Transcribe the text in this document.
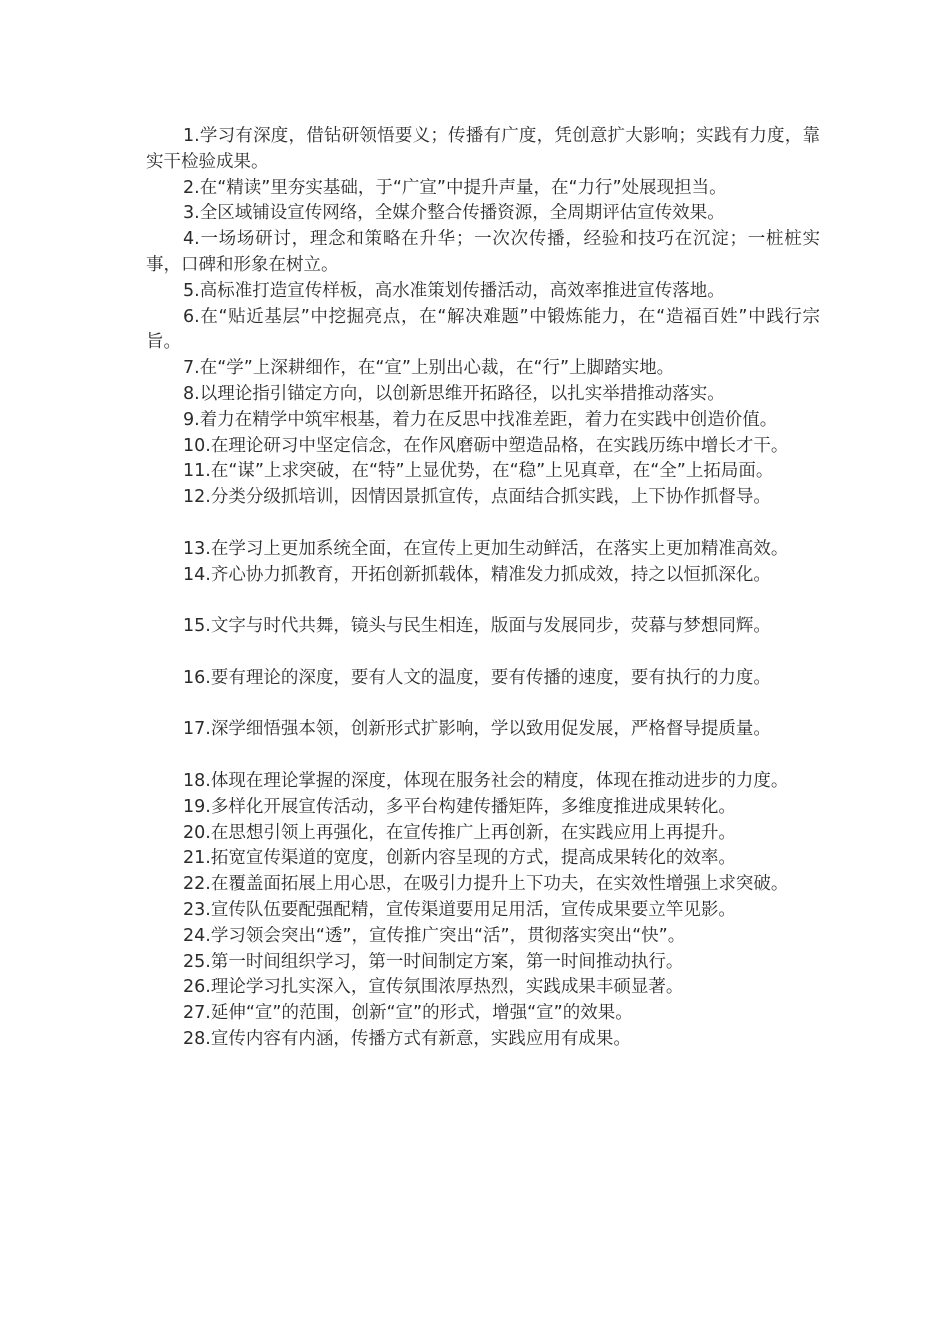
1.学习有深度，借钻研领悟要义；传播有广度，凭创意扩大影响；实践有力度，靠实干检验成果。

2.在“精读”里夯实基础，于“广宣”中提升声量，在“力行”处展现担当。

3.全区域铺设宣传网络，全媒介整合传播资源，全周期评估宣传效果。

4.一场场研讨，理念和策略在升华；一次次传播，经验和技巧在沉淀；一桩桩实事，口碑和形象在树立。

5.高标准打造宣传样板，高水准策划传播活动，高效率推进宣传落地。

6.在“贴近基层”中挖掘亮点，在“解决难题”中锻炼能力，在“造福百姓”中践行宗旨。

7.在“学”上深耕细作，在“宣”上别出心裁，在“行”上脚踏实地。

8.以理论指引锚定方向，以创新思维开拓路径，以扎实举措推动落实。

9.着力在精学中筑牢根基，着力在反思中找准差距，着力在实践中创造价值。

10.在理论研习中坚定信念，在作风磨砺中塑造品格，在实践历练中增长才干。

11.在“谋”上求突破，在“特”上显优势，在“稳”上见真章，在“全”上拓局面。

12.分类分级抓培训，因情因景抓宣传，点面结合抓实践，上下协作抓督导。

13.在学习上更加系统全面，在宣传上更加生动鲜活，在落实上更加精准高效。

14.齐心协力抓教育，开拓创新抓载体，精准发力抓成效，持之以恒抓深化。

15.文字与时代共舞，镜头与民生相连，版面与发展同步，荧幕与梦想同辉。

16.要有理论的深度，要有人文的温度，要有传播的速度，要有执行的力度。

17.深学细悟强本领，创新形式扩影响，学以致用促发展，严格督导提质量。

18.体现在理论掌握的深度，体现在服务社会的精度，体现在推动进步的力度。

19.多样化开展宣传活动，多平台构建传播矩阵，多维度推进成果转化。

20.在思想引领上再强化，在宣传推广上再创新，在实践应用上再提升。

21.拓宽宣传渠道的宽度，创新内容呈现的方式，提高成果转化的效率。

22.在覆盖面拓展上用心思，在吸引力提升上下功夫，在实效性增强上求突破。

23.宣传队伍要配强配精，宣传渠道要用足用活，宣传成果要立竿见影。

24.学习领会突出“透”，宣传推广突出“活”，贯彻落实突出“快”。

25.第一时间组织学习，第一时间制定方案，第一时间推动执行。

26.理论学习扎实深入，宣传氛围浓厚热烈，实践成果丰硕显著。

27.延伸“宣”的范围，创新“宣”的形式，增强“宣”的效果。

28.宣传内容有内涵，传播方式有新意，实践应用有成果。
